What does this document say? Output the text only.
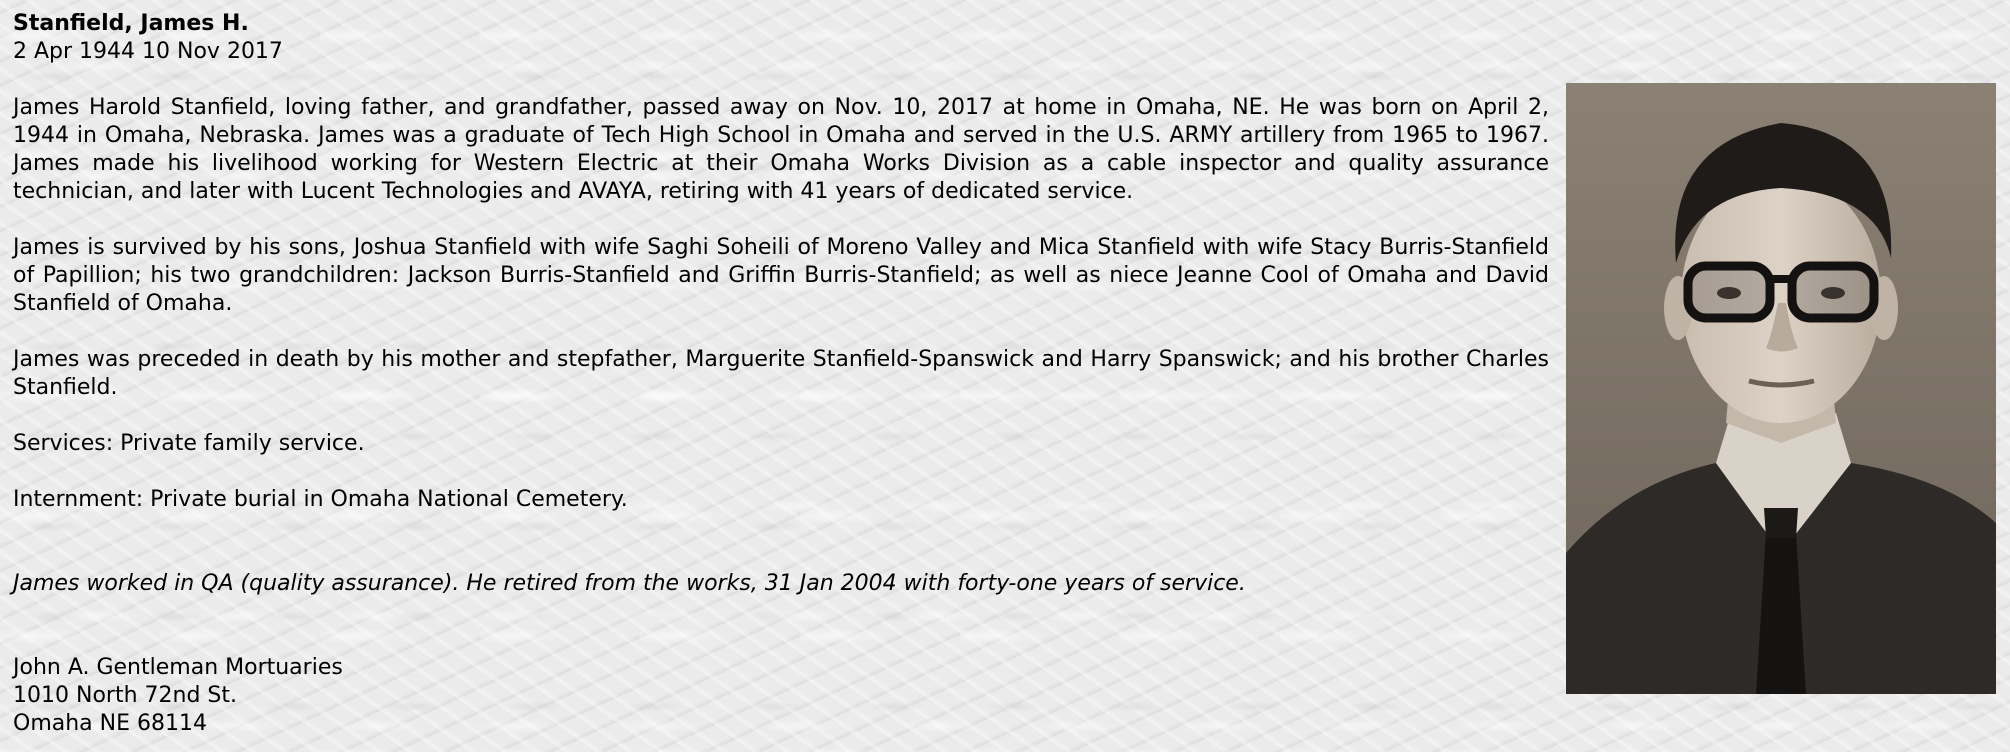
Stanfield, James H.

2 Apr 1944 10 Nov 2017

James Harold Stanfield, loving father, and grandfather, passed away on Nov. 10, 2017 at home in Omaha, NE. He was born on April 2, 1944 in Omaha, Nebraska. James was a graduate of Tech High School in Omaha and served in the U.S. ARMY artillery from 1965 to 1967. James made his livelihood working for Western Electric at their Omaha Works Division as a cable inspector and quality assurance technician, and later with Lucent Technologies and AVAYA, retiring with 41 years of dedicated service.

James is survived by his sons, Joshua Stanfield with wife Saghi Soheili of Moreno Valley and Mica Stanfield with wife Stacy Burris-Stanfield of Papillion; his two grandchildren: Jackson Burris-Stanfield and Griffin Burris-Stanfield; as well as niece Jeanne Cool of Omaha and David Stanfield of Omaha.

James was preceded in death by his mother and stepfather, Marguerite Stanfield-Spanswick and Harry Spanswick; and his brother Charles Stanfield.

Services: Private family service.

Internment: Private burial in Omaha National Cemetery.

James worked in QA (quality assurance). He retired from the works, 31 Jan 2004 with forty-one years of service.

John A. Gentleman Mortuaries
1010 North 72nd St.
Omaha NE 68114
